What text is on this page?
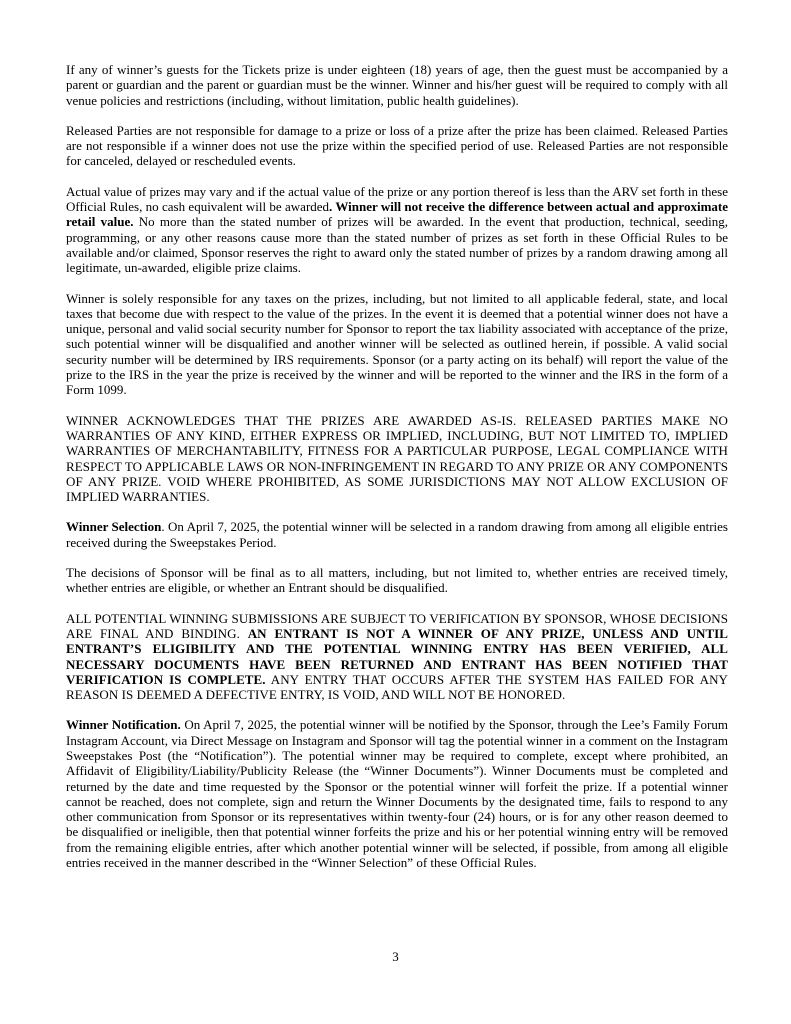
If any of winner’s guests for the Tickets prize is under eighteen (18) years of age, then the guest must be accompanied by a parent or guardian and the parent or guardian must be the winner. Winner and his/her guest will be required to comply with all venue policies and restrictions (including, without limitation, public health guidelines).

Released Parties are not responsible for damage to a prize or loss of a prize after the prize has been claimed. Released Parties are not responsible if a winner does not use the prize within the specified period of use. Released Parties are not responsible for canceled, delayed or rescheduled events.

Actual value of prizes may vary and if the actual value of the prize or any portion thereof is less than the ARV set forth in these Official Rules, no cash equivalent will be awarded. Winner will not receive the difference between actual and approximate retail value. No more than the stated number of prizes will be awarded. In the event that production, technical, seeding, programming, or any other reasons cause more than the stated number of prizes as set forth in these Official Rules to be available and/or claimed, Sponsor reserves the right to award only the stated number of prizes by a random drawing among all legitimate, un-awarded, eligible prize claims.

Winner is solely responsible for any taxes on the prizes, including, but not limited to all applicable federal, state, and local taxes that become due with respect to the value of the prizes. In the event it is deemed that a potential winner does not have a unique, personal and valid social security number for Sponsor to report the tax liability associated with acceptance of the prize, such potential winner will be disqualified and another winner will be selected as outlined herein, if possible. A valid social security number will be determined by IRS requirements. Sponsor (or a party acting on its behalf) will report the value of the prize to the IRS in the year the prize is received by the winner and will be reported to the winner and the IRS in the form of a Form 1099.

WINNER ACKNOWLEDGES THAT THE PRIZES ARE AWARDED AS-IS. RELEASED PARTIES MAKE NO WARRANTIES OF ANY KIND, EITHER EXPRESS OR IMPLIED, INCLUDING, BUT NOT LIMITED TO, IMPLIED WARRANTIES OF MERCHANTABILITY, FITNESS FOR A PARTICULAR PURPOSE, LEGAL COMPLIANCE WITH RESPECT TO APPLICABLE LAWS OR NON-INFRINGEMENT IN REGARD TO ANY PRIZE OR ANY COMPONENTS OF ANY PRIZE. VOID WHERE PROHIBITED, AS SOME JURISDICTIONS MAY NOT ALLOW EXCLUSION OF IMPLIED WARRANTIES.

Winner Selection. On April 7, 2025, the potential winner will be selected in a random drawing from among all eligible entries received during the Sweepstakes Period.

The decisions of Sponsor will be final as to all matters, including, but not limited to, whether entries are received timely, whether entries are eligible, or whether an Entrant should be disqualified.

ALL POTENTIAL WINNING SUBMISSIONS ARE SUBJECT TO VERIFICATION BY SPONSOR, WHOSE DECISIONS ARE FINAL AND BINDING. AN ENTRANT IS NOT A WINNER OF ANY PRIZE, UNLESS AND UNTIL ENTRANT’S ELIGIBILITY AND THE POTENTIAL WINNING ENTRY HAS BEEN VERIFIED, ALL NECESSARY DOCUMENTS HAVE BEEN RETURNED AND ENTRANT HAS BEEN NOTIFIED THAT VERIFICATION IS COMPLETE. ANY ENTRY THAT OCCURS AFTER THE SYSTEM HAS FAILED FOR ANY REASON IS DEEMED A DEFECTIVE ENTRY, IS VOID, AND WILL NOT BE HONORED.

Winner Notification. On April 7, 2025, the potential winner will be notified by the Sponsor, through the Lee’s Family Forum Instagram Account, via Direct Message on Instagram and Sponsor will tag the potential winner in a comment on the Instagram Sweepstakes Post (the “Notification”). The potential winner may be required to complete, except where prohibited, an Affidavit of Eligibility/Liability/Publicity Release (the “Winner Documents”). Winner Documents must be completed and returned by the date and time requested by the Sponsor or the potential winner will forfeit the prize. If a potential winner cannot be reached, does not complete, sign and return the Winner Documents by the designated time, fails to respond to any other communication from Sponsor or its representatives within twenty-four (24) hours, or is for any other reason deemed to be disqualified or ineligible, then that potential winner forfeits the prize and his or her potential winning entry will be removed from the remaining eligible entries, after which another potential winner will be selected, if possible, from among all eligible entries received in the manner described in the “Winner Selection” of these Official Rules.

3
